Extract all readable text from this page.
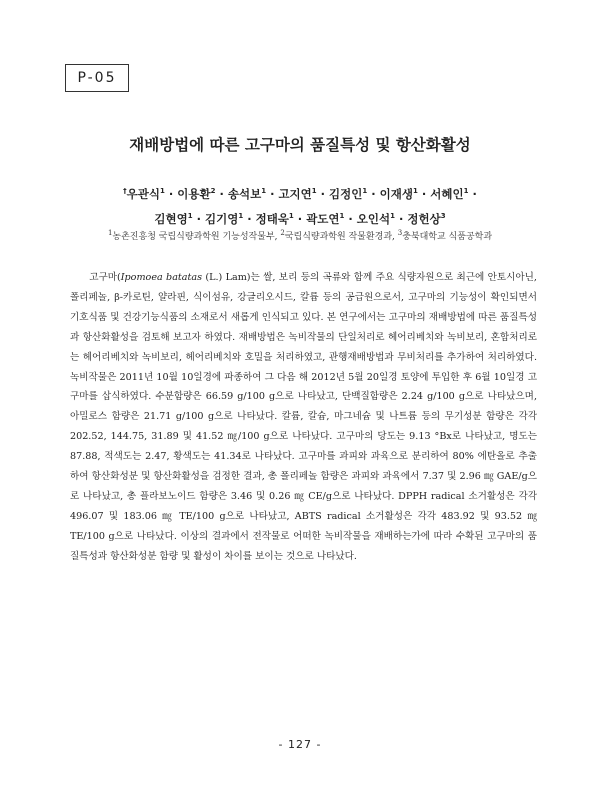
P-05
재배방법에 따른 고구마의 품질특성 및 항산화활성
†우관식$^1$ · 이용환$^2$ · 송석보$^1$ · 고지연$^1$ · 김정인$^1$ · 이재생$^1$ · 서혜인$^1$ ·
김현영$^1$ · 김기영$^1$ · 정태욱$^1$ · 곽도연$^1$ · 오인석$^1$ · 정헌상$^3$
$^1$농촌진흥청 국립식량과학원 기능성작물부, $^2$국립식량과학원 작물환경과, $^3$충북대학교 식품공학과

고구마(Ipomoea batatas (L.) Lam)는 쌀, 보리 등의 곡류와 함께 주요 식량자원으로 최근에 안토시아닌, 폴리페놀, β-카로틴, 얄라핀, 식이섬유, 강글리오시드, 칼륨 등의 공급원으로서, 고구마의 기능성이 확인되면서 기호식품 및 건강기능식품의 소재로서 새롭게 인식되고 있다. 본 연구에서는 고구마의 재배방법에 따른 품질특성과 항산화활성을 검토해 보고자 하였다. 재배방법은 녹비작물의 단일처리로 헤어리베치와 녹비보리, 혼합처리로는 헤어리베치와 녹비보리, 헤어리베치와 호밀을 처리하였고, 관행재배방법과 무비처리를 추가하여 처리하였다. 녹비작물은 2011년 10월 10일경에 파종하여 그 다음 해 2012년 5월 20일경 토양에 투입한 후 6월 10일경 고구마를 삽식하였다. 수분함량은 66.59 g/100 g으로 나타났고, 단백질함량은 2.24 g/100 g으로 나타났으며, 아밀로스 함량은 21.71 g/100 g으로 나타났다. 칼륨, 칼슘, 마그네슘 및 나트륨 등의 무기성분 함량은 각각 202.52, 144.75, 31.89 및 41.52 ㎎/100 g으로 나타났다. 고구마의 당도는 9.13 °Bx로 나타났고, 명도는 87.88, 적색도는 2.47, 황색도는 41.34로 나타났다. 고구마를 과피와 과육으로 분리하여 80% 에탄올로 추출하여 항산화성분 및 항산화활성을 검정한 결과, 총 폴리페놀 함량은 과피와 과육에서 7.37 및 2.96 ㎎ GAE/g으로 나타났고, 총 플라보노이드 함량은 3.46 및 0.26 ㎎ CE/g으로 나타났다. DPPH radical 소거활성은 각각 496.07 및 183.06 ㎎ TE/100 g으로 나타났고, ABTS radical 소거활성은 각각 483.92 및 93.52 ㎎ TE/100 g으로 나타났다. 이상의 결과에서 전작물로 어떠한 녹비작물을 재배하는가에 따라 수확된 고구마의 품질특성과 항산화성분 함량 및 활성이 차이를 보이는 것으로 나타났다.

- 127 -
